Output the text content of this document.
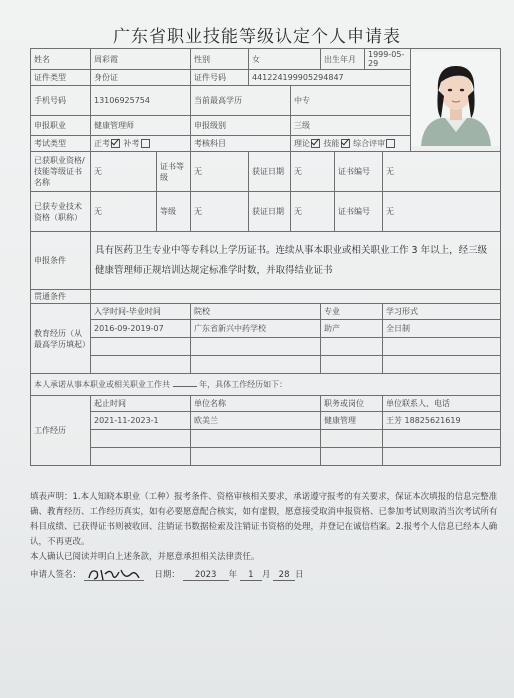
广东省职业技能等级认定个人申请表
姓名	周彩霞		性别	女		出生年月		1999-05-29	
证件类型	身份证		证件号码	441224199905294847						
手机号码	13106925754		当前最高学历		中专					
申报职业	健康管理师		申报级别		三级					
考试类型	正考 补考		考核科目		理论 技能 综合评审					
已获职业资格/技能等级证书名称	无	证书等级	无	获证日期	无		证书编号		无	
已获专业技术资格（职称）	无	等级	无	获证日期	无		证书编号		无	
申报条件	具有医药卫生专业中等专科以上学历证书。连续从事本职业或相关职业工作 3 年以上，经三级健康管理师正规培训达规定标准学时数，并取得结业证书									
贯通条件										
教育经历（从最高学历填起）	入学时间-毕业时间		院校			专业			学习形式	
	2016-09-2019-07		广东省新兴中药学校			助产			全日制	

本人承诺从事本职业或相关职业工作共 年，具体工作经历如下：										
工作经历	起止时间		单位名称			职务或岗位			单位联系人、电话	
	2021-11-2023-1		欧美兰			健康管理			王芳 18825621619	

填表声明：1.本人知晓本职业（工种）报考条件、资格审核相关要求，承诺遵守报考的有关要求，保证本次填报的信息完整准确、教育经历、工作经历真实，如有必要愿意配合核实，如有虚假，愿意接受取消申报资格、已参加考试则取消当次考试所有科目成绩、已获得证书则被收回、注销证书数据检索及注销证书资格的处理，并登记在诚信档案。2.报考个人信息已经本人确认，不再更改。
本人确认已阅读并明白上述条款，并愿意承担相关法律责任。
申请人签名：	日期： 2023 年 1 月 28 日
